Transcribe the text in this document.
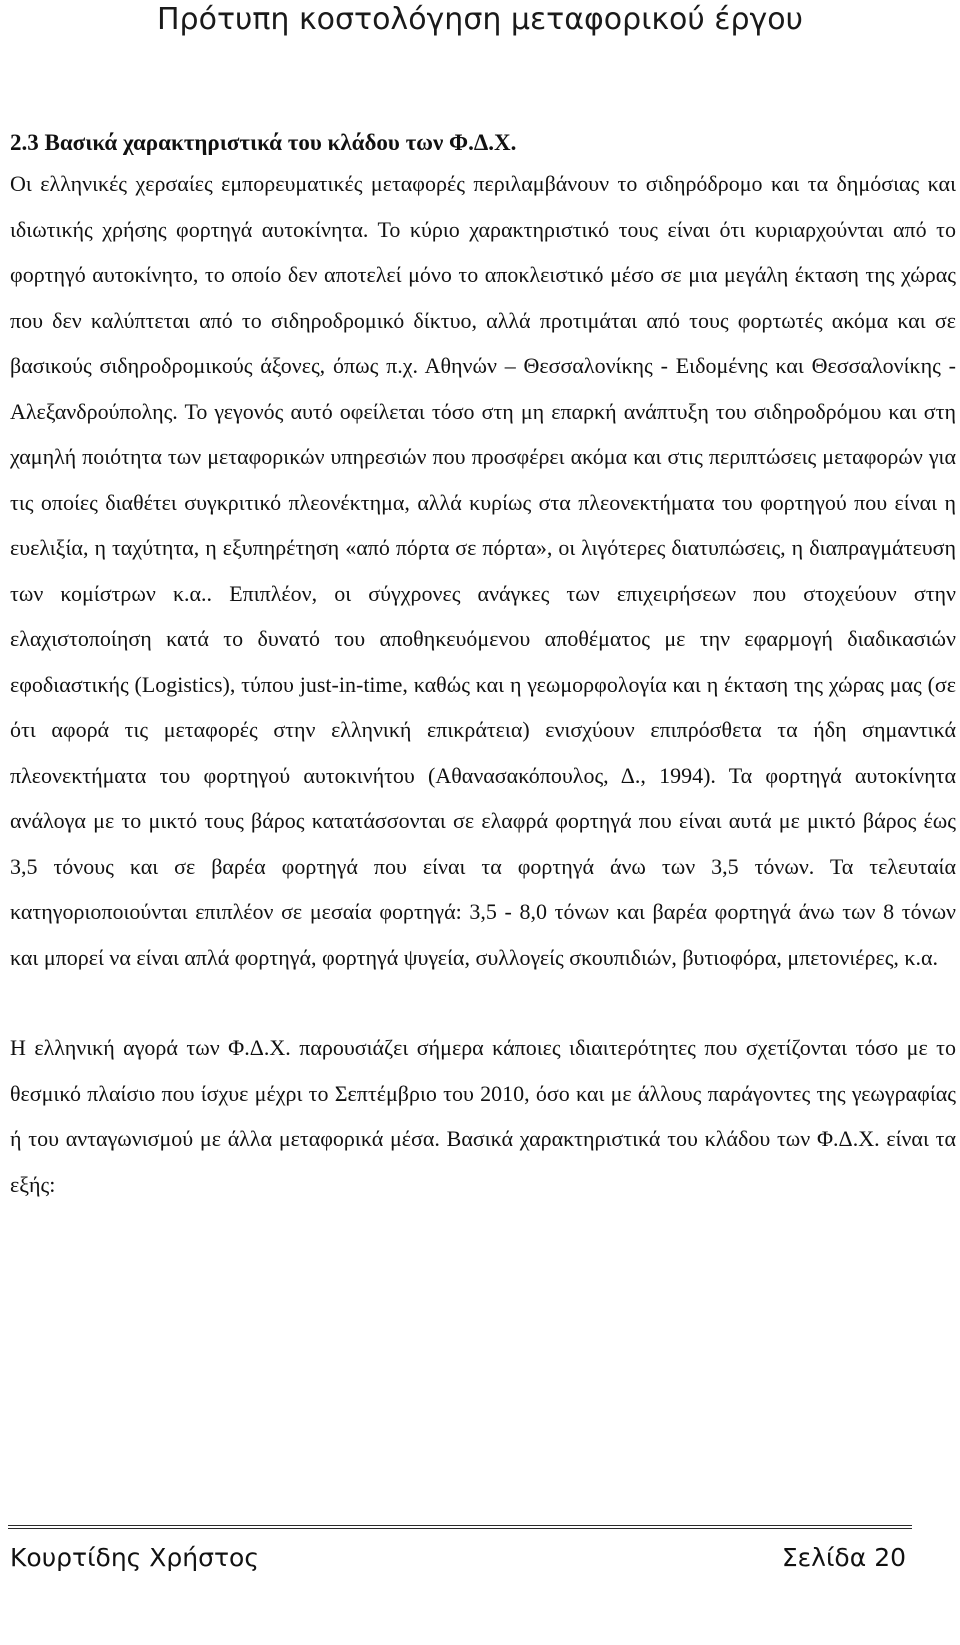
Πρότυπη κοστολόγηση μεταφορικού έργου
2.3 Βασικά χαρακτηριστικά του κλάδου των Φ.Δ.Χ.

Οι ελληνικές χερσαίες εμπορευματικές μεταφορές περιλαμβάνουν το σιδηρόδρομο και τα δημόσιας και ιδιωτικής χρήσης φορτηγά αυτοκίνητα. Το κύριο χαρακτηριστικό τους είναι ότι κυριαρχούνται από το φορτηγό αυτοκίνητο, το οποίο δεν αποτελεί μόνο το αποκλειστικό μέσο σε μια μεγάλη έκταση της χώρας που δεν καλύπτεται από το σιδηροδρομικό δίκτυο, αλλά προτιμάται από τους φορτωτές ακόμα και σε βασικούς σιδηροδρομικούς άξονες, όπως π.χ. Αθηνών – Θεσσαλονίκης - Ειδομένης και Θεσσαλονίκης - Αλεξανδρούπολης. Το γεγονός αυτό οφείλεται τόσο στη μη επαρκή ανάπτυξη του σιδηροδρόμου και στη χαμηλή ποιότητα των μεταφορικών υπηρεσιών που προσφέρει ακόμα και στις περιπτώσεις μεταφορών για τις οποίες διαθέτει συγκριτικό πλεονέκτημα, αλλά κυρίως στα πλεονεκτήματα του φορτηγού που είναι η ευελιξία, η ταχύτητα, η εξυπηρέτηση «από πόρτα σε πόρτα», οι λιγότερες διατυπώσεις, η διαπραγμάτευση των κομίστρων κ.α.. Επιπλέον, οι σύγχρονες ανάγκες των επιχειρήσεων που στοχεύουν στην ελαχιστοποίηση κατά το δυνατό του αποθηκευόμενου αποθέματος με την εφαρμογή διαδικασιών εφοδιαστικής (Logistics), τύπου just-in-time, καθώς και η γεωμορφολογία και η έκταση της χώρας μας (σε ότι αφορά τις μεταφορές στην ελληνική επικράτεια) ενισχύουν επιπρόσθετα τα ήδη σημαντικά πλεονεκτήματα του φορτηγού αυτοκινήτου (Αθανασακόπουλος, Δ., 1994). Τα φορτηγά αυτοκίνητα ανάλογα με το μικτό τους βάρος κατατάσσονται σε ελαφρά φορτηγά που είναι αυτά με μικτό βάρος έως 3,5 τόνους και σε βαρέα φορτηγά που είναι τα φορτηγά άνω των 3,5 τόνων. Τα τελευταία κατηγοριοποιούνται επιπλέον σε μεσαία φορτηγά: 3,5 - 8,0 τόνων και βαρέα φορτηγά άνω των 8 τόνων και μπορεί να είναι απλά φορτηγά, φορτηγά ψυγεία, συλλογείς σκουπιδιών, βυτιοφόρα, μπετονιέρες, κ.α.

Η ελληνική αγορά των Φ.Δ.Χ. παρουσιάζει σήμερα κάποιες ιδιαιτερότητες που σχετίζονται τόσο με το θεσμικό πλαίσιο που ίσχυε μέχρι το Σεπτέμβριο του 2010, όσο και με άλλους παράγοντες της γεωγραφίας ή του ανταγωνισμού με άλλα μεταφορικά μέσα. Βασικά χαρακτηριστικά του κλάδου των Φ.Δ.Χ. είναι τα εξής:

Κουρτίδης Χρήστος	Σελίδα 20
